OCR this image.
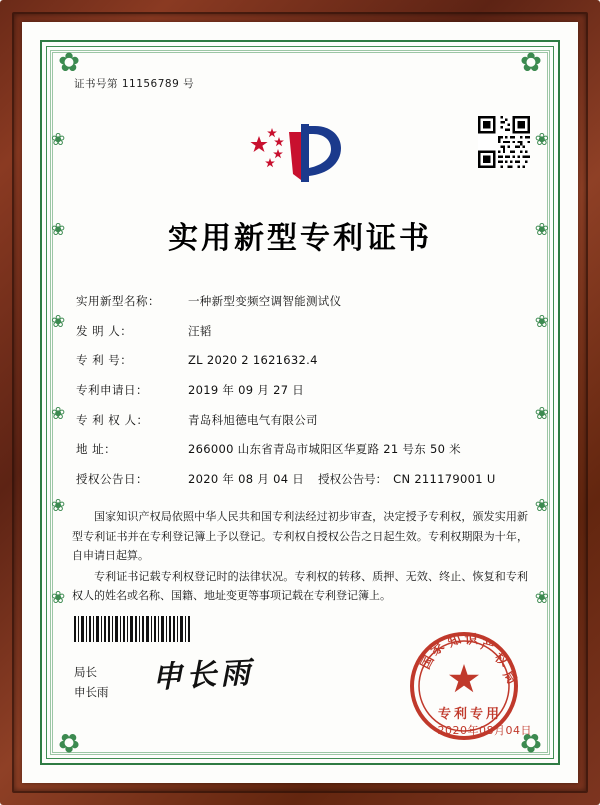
✿	✿
✿	✿
❀
❀
❀
❀
❀
❀
❀
❀
❀
❀
❀
❀
证书号第 11156789 号
实用新型专利证书
实用新型名称：	一种新型变频空调智能测试仪
发 明 人：	汪韬
专 利 号：	ZL 2020 2 1621632.4
专利申请日：	2019 年 09 月 27 日
专 利 权 人：	青岛科旭德电气有限公司
地 址：	266000 山东省青岛市城阳区华夏路 21 号东 50 米
授权公告日：	2020 年 08 月 04 日 授权公告号： CN 211179001 U

国家知识产权局依照中华人民共和国专利法经过初步审查，决定授予专利权，颁发实用新型专利证书并在专利登记簿上予以登记。专利权自授权公告之日起生效。专利权期限为十年，自申请日起算。

专利证书记载专利权登记时的法律状况。专利权的转移、质押、无效、终止、恢复和专利权人的姓名或名称、国籍、地址变更等事项记载在专利登记簿上。

局长
申长雨 申长雨	国
家
知 识 产
权
局
专 利 专 用
2020年08月04日
